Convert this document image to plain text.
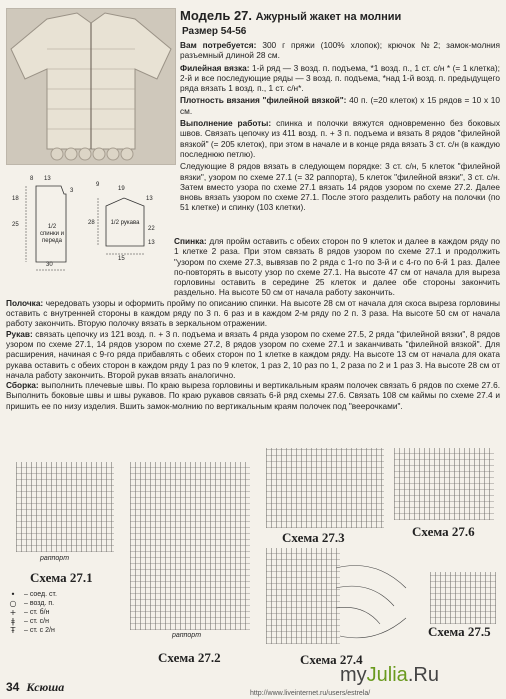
Модель 27. Ажурный жакет на молнии
Размер 54-56

Вам потребуется: 300 г пряжи (100% хлопок); крючок №2; замок-молния разъемный длиной 28 см.

Филейная вязка: 1-й ряд — 3 возд. п. подъема, *1 возд. п., 1 ст. с/н * (= 1 клетка); 2-й и все последующие ряды — 3 возд. п. подъема, *над 1-й возд. п. предыдущего ряда вязать 1 возд. п., 1 ст. с/н*.

Плотность вязания "филейной вязкой": 40 п. (=20 клеток) х 15 рядов = 10 х 10 см.

Выполнение работы: спинка и полочки вяжутся одновременно без боковых швов. Связать цепочку из 411 возд. п. + 3 п. подъема и вязать 8 рядов "филейной вязкой" (= 205 клеток), при этом в начале и в конце ряда вязать 3 ст. с/н (в каждую последнюю петлю).

Следующие 8 рядов вязать в следующем порядке: 3 ст. с/н, 5 клеток "филейной вязки", узором по схеме 27.1 (= 32 раппорта), 5 клеток "филейной вязки", 3 ст. с/н. Затем вместо узора по схеме 27.1 вязать 14 рядов узором по схеме 27.2. Далее вновь вязать узором по схеме 27.1. После этого разделить работу на полочки (по 51 клетке) и спинку (103 клетки).

1/2 спинки и переда
1/2 рукава
8 13
25
3
18	13
9
19
28
22
15
13
30

Спинка: для пройм оставить с обеих сторон по 9 клеток и далее в каждом ряду по 1 клетке 2 раза. При этом связать 8 рядов узором по схеме 27.1 и продолжить "узором по схеме 27.3, вывязав по 2 ряда с 1-го по 3-й и с 4-го по 6-й 1 раз. Далее по-повторять в высоту узор по схеме 27.1. На высоте 47 см от начала для выреза горловины оставить в середине 25 клеток и далее обе стороны закончить раздельно. На высоте 50 см от начала работу закончить.

Полочка: чередовать узоры и оформить пройму по описанию спинки. На высоте 28 см от начала для скоса выреза горловины оставить с внутренней стороны в каждом ряду по 3 п. 6 раз и в каждом 2-м ряду по 2 п. 3 раза. На высоте 50 см от начала работу закончить. Вторую полочку вязать в зеркальном отражении.

Рукав: связать цепочку из 121 возд. п. + 3 п. подъема и вязать 4 ряда узором по схеме 27.5, 2 ряда "филейной вязки", 8 рядов узором по схеме 27.1, 14 рядов узором по схеме 27.2, 8 рядов узором по схеме 27.1 и заканчивать "филейной вязкой". Для расширения, начиная с 9-го ряда прибавлять с обеих сторон по 1 клетке в каждом ряду. На высоте 13 см от начала для оката рукава оставить с обеих сторон в каждом ряду 1 раз по 9 клеток, 1 раз 2, 10 раз по 1, 2 раза по 2 и 1 раз 3. На высоте 28 см от начала работу закончить. Второй рукав вязать аналогично.

Сборка: выполнить плечевые швы. По краю выреза горловины и вертикальным краям полочек связать 6 рядов по схеме 27.6. Выполнить боковые швы и швы рукавов. По краю рукавов связать 6-й ряд схемы 27.6. Связать 108 см каймы по схеме 27.4 и пришить ее по низу изделия. Вшить замок-молнию по вертикальным краям полочек под "веерочками".

раппорт
Схема 27.1
•	– соед. ст.
○	– возд. п.
+	– ст. б/н
ǂ	– ст. с/н
Ŧ	– ст. с 2/н
раппорт
Схема 27.2
Схема 27.3	Схема 27.6
Схема 27.4
Схема 27.5
34 Ксюша
myJulia.Ru
http://www.liveinternet.ru/users/estrela/
